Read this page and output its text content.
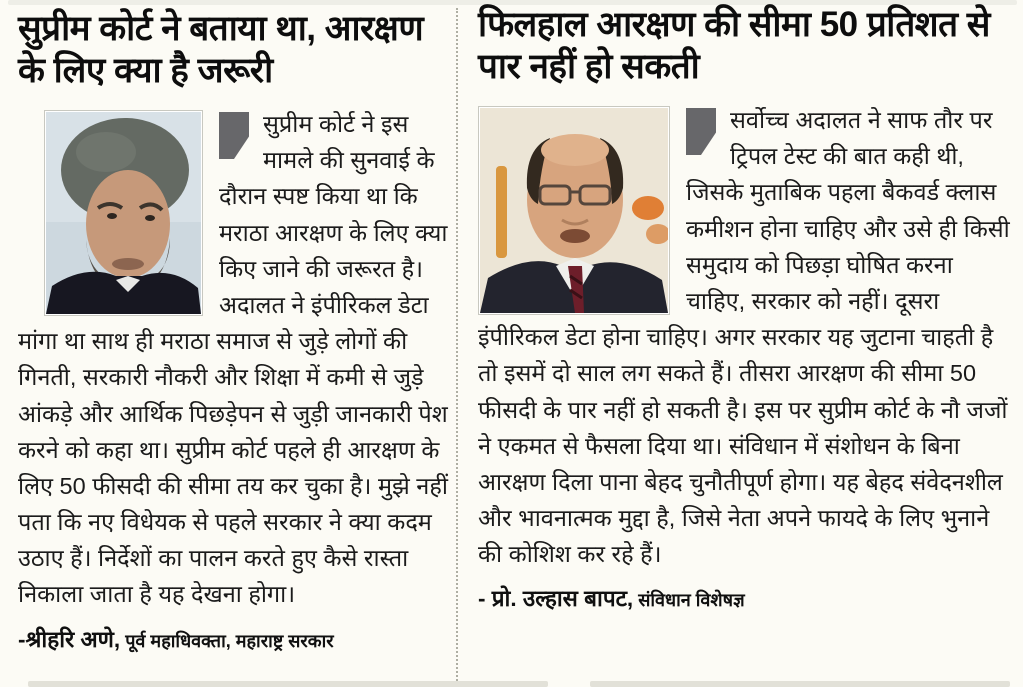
सुप्रीम कोर्ट ने बताया था, आरक्षण के लिए क्या है जरूरी
सुप्रीम कोर्ट ने इस मामले की सुनवाई के दौरान स्पष्ट किया था कि मराठा आरक्षण के लिए क्या किए जाने की जरूरत है। अदालत ने इंपीरिकल डेटा मांगा था साथ ही मराठा समाज से जुड़े लोगों की गिनती, सरकारी नौकरी और शिक्षा में कमी से जुड़े आंकड़े और आर्थिक पिछड़ेपन से जुड़ी जानकारी पेश करने को कहा था। सुप्रीम कोर्ट पहले ही आरक्षण के लिए 50 फीसदी की सीमा तय कर चुका है। मुझे नहीं पता कि नए विधेयक से पहले सरकार ने क्या कदम उठाए हैं। निर्देशों का पालन करते हुए कैसे रास्ता निकाला जाता है यह देखना होगा।
-श्रीहरि अणे, पूर्व महाधिवक्ता, महाराष्ट्र सरकार
फिलहाल आरक्षण की सीमा 50 प्रतिशत से पार नहीं हो सकती
सर्वोच्च अदालत ने साफ तौर पर ट्रिपल टेस्ट की बात कही थी, जिसके मुताबिक पहला बैकवर्ड क्लास कमीशन होना चाहिए और उसे ही किसी समुदाय को पिछड़ा घोषित करना चाहिए, सरकार को नहीं। दूसरा इंपीरिकल डेटा होना चाहिए। अगर सरकार यह जुटाना चाहती है तो इसमें दो साल लग सकते हैं। तीसरा आरक्षण की सीमा 50 फीसदी के पार नहीं हो सकती है। इस पर सुप्रीम कोर्ट के नौ जजों ने एकमत से फैसला दिया था। संविधान में संशोधन के बिना आरक्षण दिला पाना बेहद चुनौतीपूर्ण होगा। यह बेहद संवेदनशील और भावनात्मक मुद्दा है, जिसे नेता अपने फायदे के लिए भुनाने की कोशिश कर रहे हैं।
- प्रो. उल्हास बापट, संविधान विशेषज्ञ
